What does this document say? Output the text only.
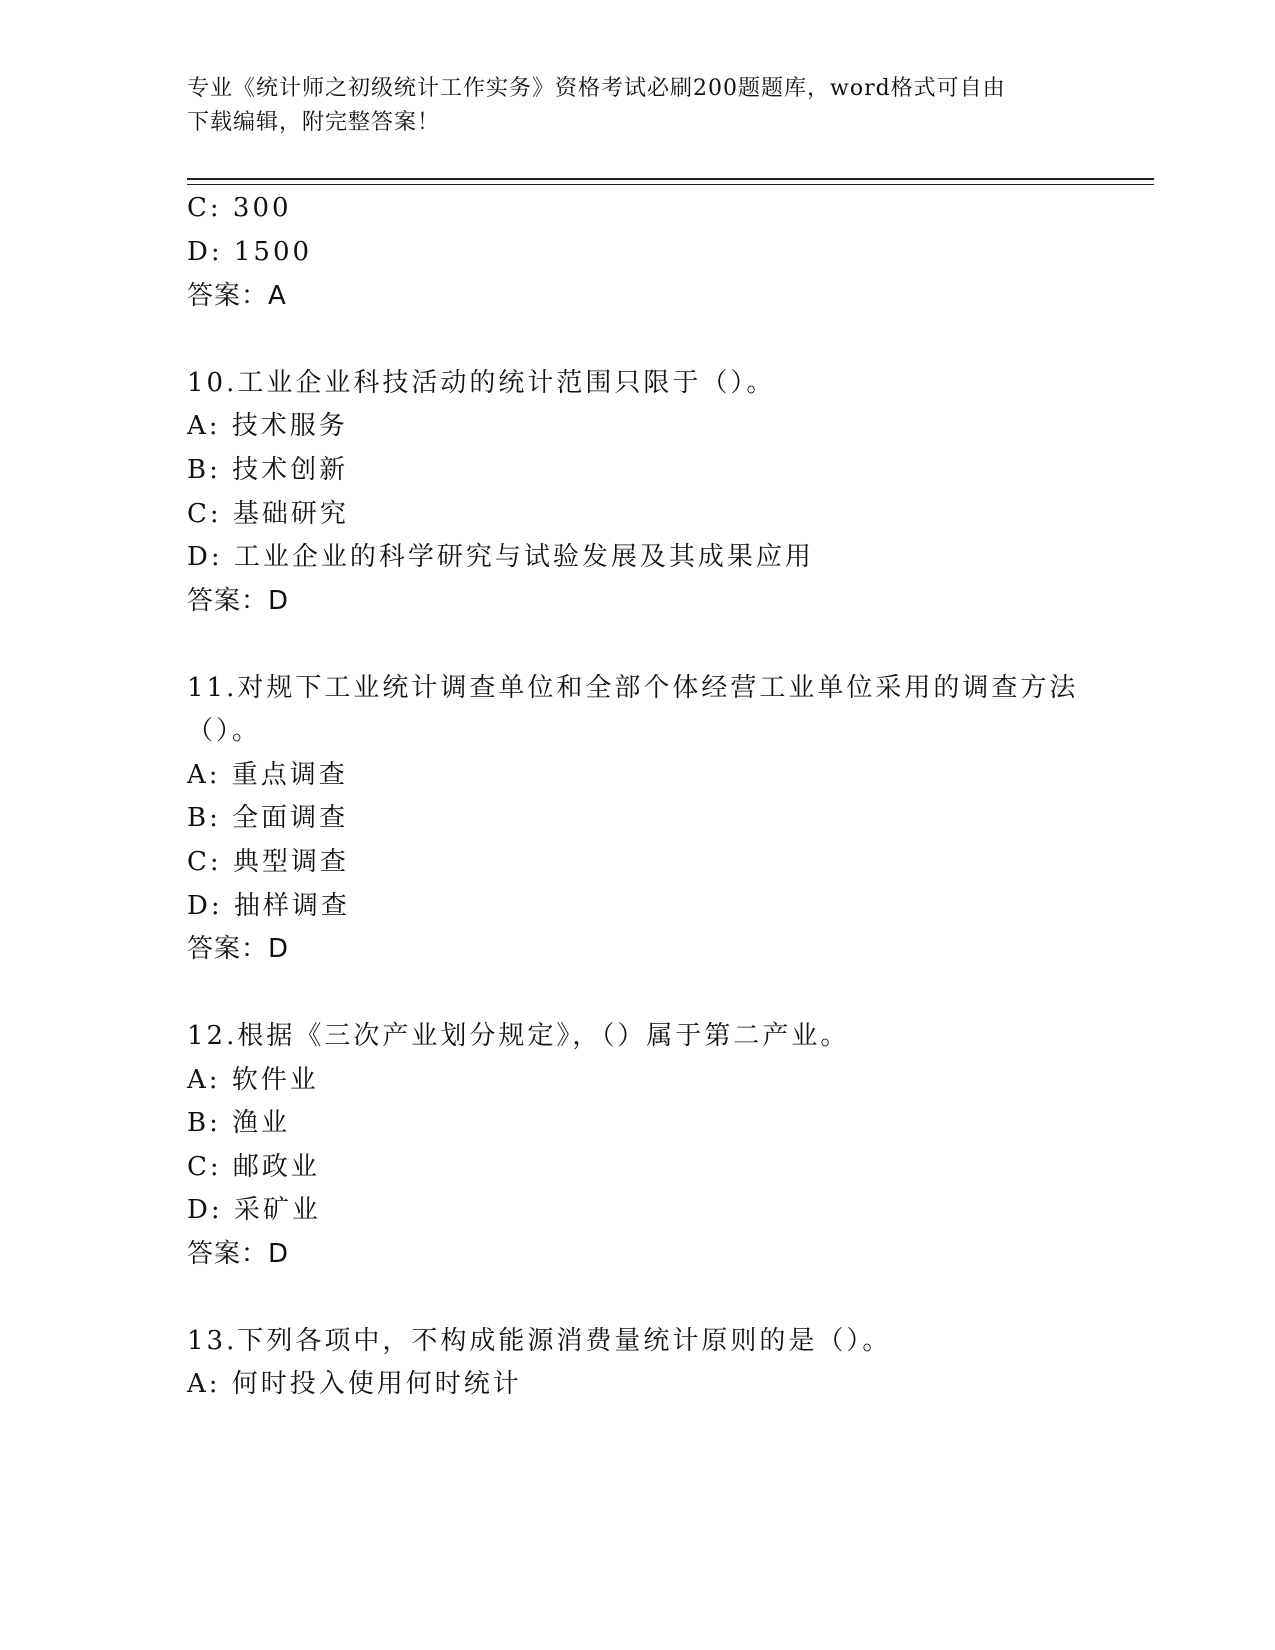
专业《统计师之初级统计工作实务》资格考试必刷200题题库，word格式可自由
下载编辑，附完整答案！
C: 300
D: 1500
答案：A
10.工业企业科技活动的统计范围只限于（）。
A: 技术服务
B: 技术创新
C: 基础研究
D: 工业企业的科学研究与试验发展及其成果应用
答案：D
11.对规下工业统计调查单位和全部个体经营工业单位采用的调查方法
（）。
A: 重点调查
B: 全面调查
C: 典型调查
D: 抽样调查
答案：D
12.根据《三次产业划分规定》，（）属于第二产业。
A: 软件业
B: 渔业
C: 邮政业
D: 采矿业
答案：D
13.下列各项中，不构成能源消费量统计原则的是（）。
A: 何时投入使用何时统计
